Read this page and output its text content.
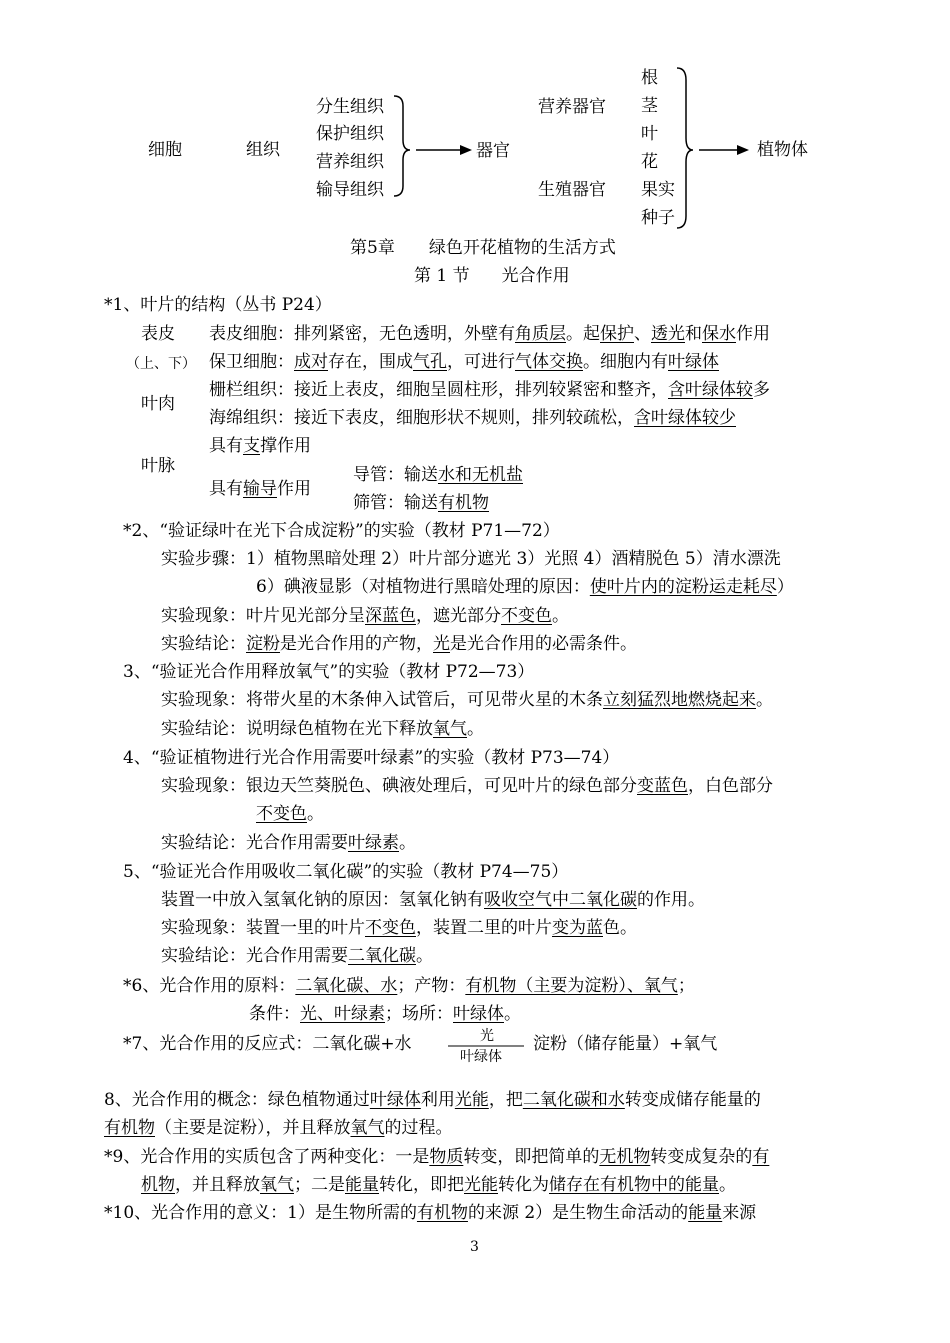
细胞	组织
分生组织
保护组织
营养组织
输导组织
器官
营养器官
生殖器官
根
茎
叶
花
果实
种子
植物体
第5章 绿色开花植物的生活方式
第 1 节 光合作用
*1、叶片的结构（丛书 P24）
表皮
（上、下）
表皮细胞：排列紧密，无色透明，外壁有角质层。起保护、透光和保水作用
保卫细胞：成对存在，围成气孔，可进行气体交换。细胞内有叶绿体
叶肉
栅栏组织：接近上表皮，细胞呈圆柱形，排列较紧密和整齐，含叶绿体较多
海绵组织：接近下表皮，细胞形状不规则，排列较疏松，含叶绿体较少
具有支撑作用
叶脉
具有输导作用
导管：输送水和无机盐
筛管：输送有机物
*2、“验证绿叶在光下合成淀粉”的实验（教材 P71—72）
实验步骤：1）植物黑暗处理 2）叶片部分遮光 3）光照 4）酒精脱色 5）清水漂洗
6）碘液显影（对植物进行黑暗处理的原因：使叶片内的淀粉运走耗尽）
实验现象：叶片见光部分呈深蓝色，遮光部分不变色。
实验结论：淀粉是光合作用的产物，光是光合作用的必需条件。
3、“验证光合作用释放氧气”的实验（教材 P72—73）
实验现象：将带火星的木条伸入试管后，可见带火星的木条立刻猛烈地燃烧起来。
实验结论：说明绿色植物在光下释放氧气。
4、“验证植物进行光合作用需要叶绿素”的实验（教材 P73—74）
实验现象：银边天竺葵脱色、碘液处理后，可见叶片的绿色部分变蓝色，白色部分
不变色。
实验结论：光合作用需要叶绿素。
5、“验证光合作用吸收二氧化碳”的实验（教材 P74—75）
装置一中放入氢氧化钠的原因：氢氧化钠有吸收空气中二氧化碳的作用。
实验现象：装置一里的叶片不变色，装置二里的叶片变为蓝色。
实验结论：光合作用需要二氧化碳。
*6、光合作用的原料：二氧化碳、水；产物：有机物（主要为淀粉）、氧气；
条件：光、叶绿素；场所：叶绿体。
*7、光合作用的反应式：二氧化碳+水	光
叶绿体
淀粉（储存能量）+氧气
8、光合作用的概念：绿色植物通过叶绿体利用光能，把二氧化碳和水转变成储存能量的
有机物（主要是淀粉），并且释放氧气的过程。
*9、光合作用的实质包含了两种变化：一是物质转变，即把简单的无机物转变成复杂的有
机物，并且释放氧气；二是能量转化，即把光能转化为储存在有机物中的能量。
*10、光合作用的意义：1）是生物所需的有机物的来源 2）是生物生命活动的能量来源
3
